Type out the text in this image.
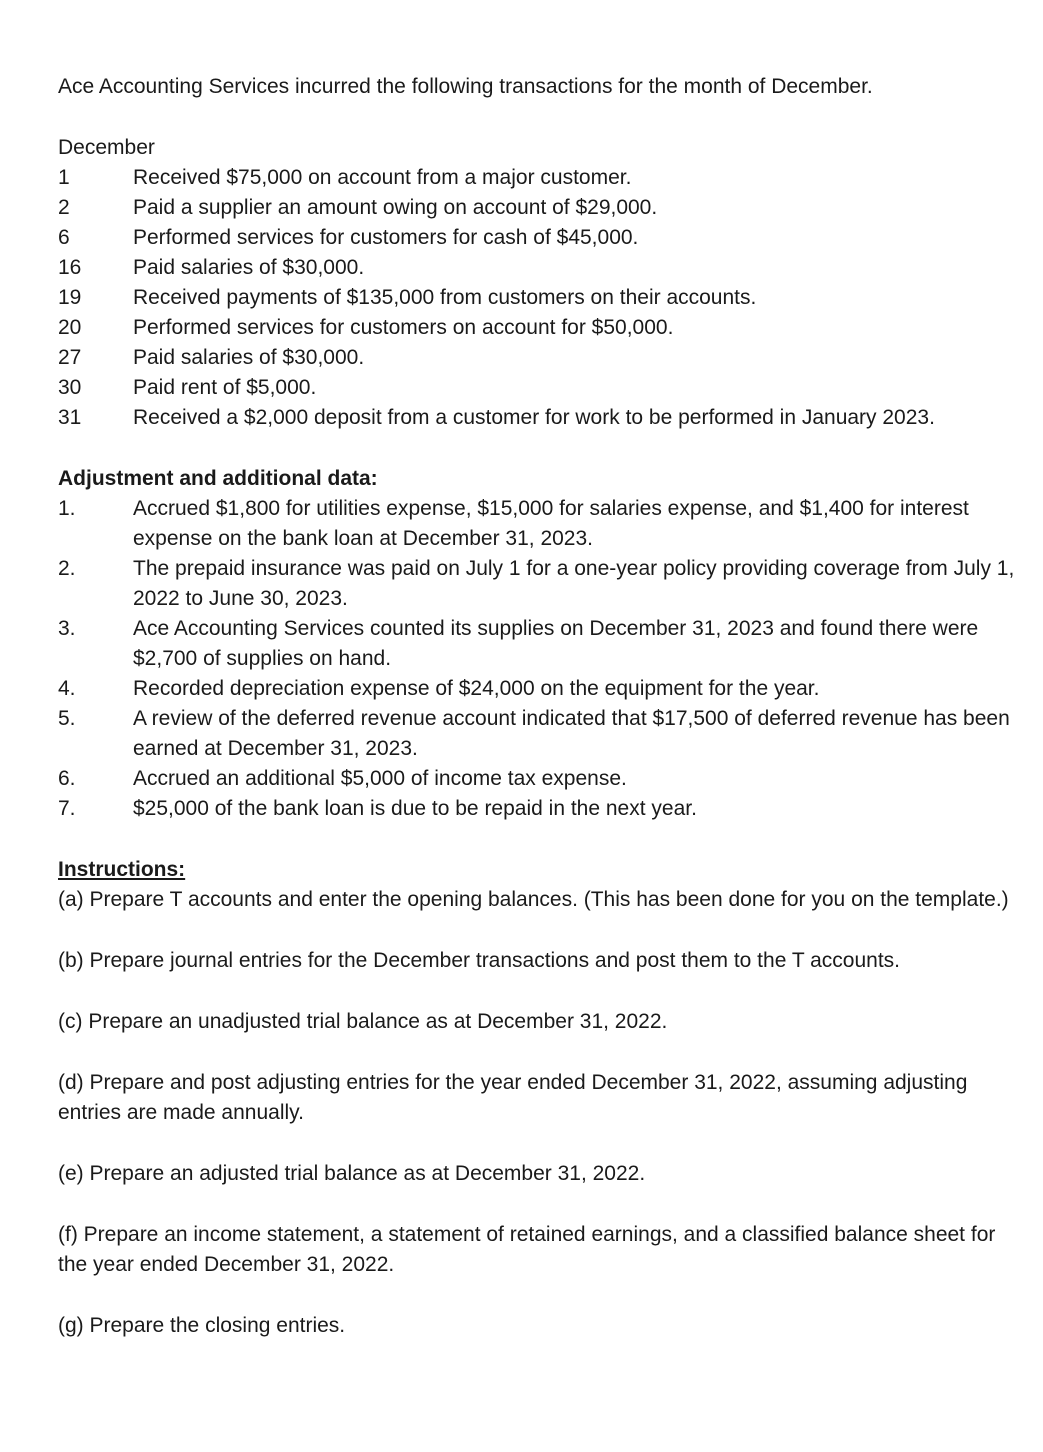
Ace Accounting Services incurred the following transactions for the month of December.

December
1	Received $75,000 on account from a major customer.
2	Paid a supplier an amount owing on account of $29,000.
6	Performed services for customers for cash of $45,000.
16	Paid salaries of $30,000.
19	Received payments of $135,000 from customers on their accounts.
20	Performed services for customers on account for $50,000.
27	Paid salaries of $30,000.
30	Paid rent of $5,000.
31	Received a $2,000 deposit from a customer for work to be performed in January 2023.
Adjustment and additional data:
1.	Accrued $1,800 for utilities expense, $15,000 for salaries expense, and $1,400 for interest expense on the bank loan at December 31, 2023.
2.	The prepaid insurance was paid on July 1 for a one-year policy providing coverage from July 1, 2022 to June 30, 2023.
3.	Ace Accounting Services counted its supplies on December 31, 2023 and found there were $2,700 of supplies on hand.
4.	Recorded depreciation expense of $24,000 on the equipment for the year.
5.	A review of the deferred revenue account indicated that $17,500 of deferred revenue has been earned at December 31, 2023.
6.	Accrued an additional $5,000 of income tax expense.
7.	$25,000 of the bank loan is due to be repaid in the next year.
Instructions:

(a) Prepare T accounts and enter the opening balances. (This has been done for you on the template.)

(b) Prepare journal entries for the December transactions and post them to the T accounts.

(c) Prepare an unadjusted trial balance as at December 31, 2022.

(d) Prepare and post adjusting entries for the year ended December 31, 2022, assuming adjusting entries are made annually.

(e) Prepare an adjusted trial balance as at December 31, 2022.

(f) Prepare an income statement, a statement of retained earnings, and a classified balance sheet for the year ended December 31, 2022.

(g) Prepare the closing entries.
